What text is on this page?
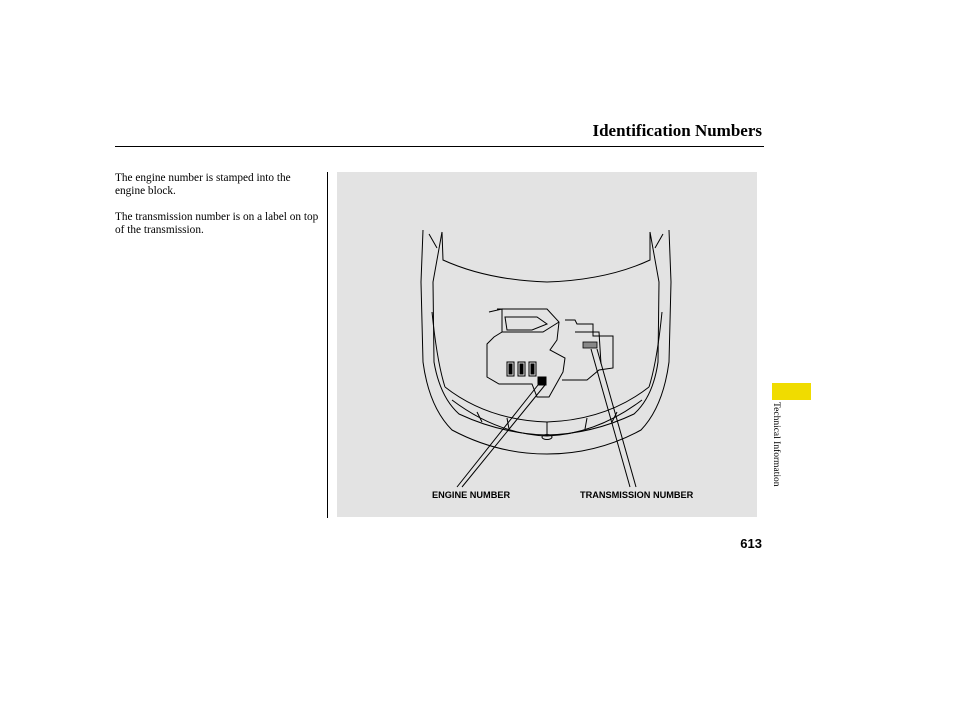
Identification Numbers

The engine number is stamped into the engine block.

The transmission number is on a label on top of the transmission.

ENGINE NUMBER	TRANSMISSION NUMBER
Technical Information
613
